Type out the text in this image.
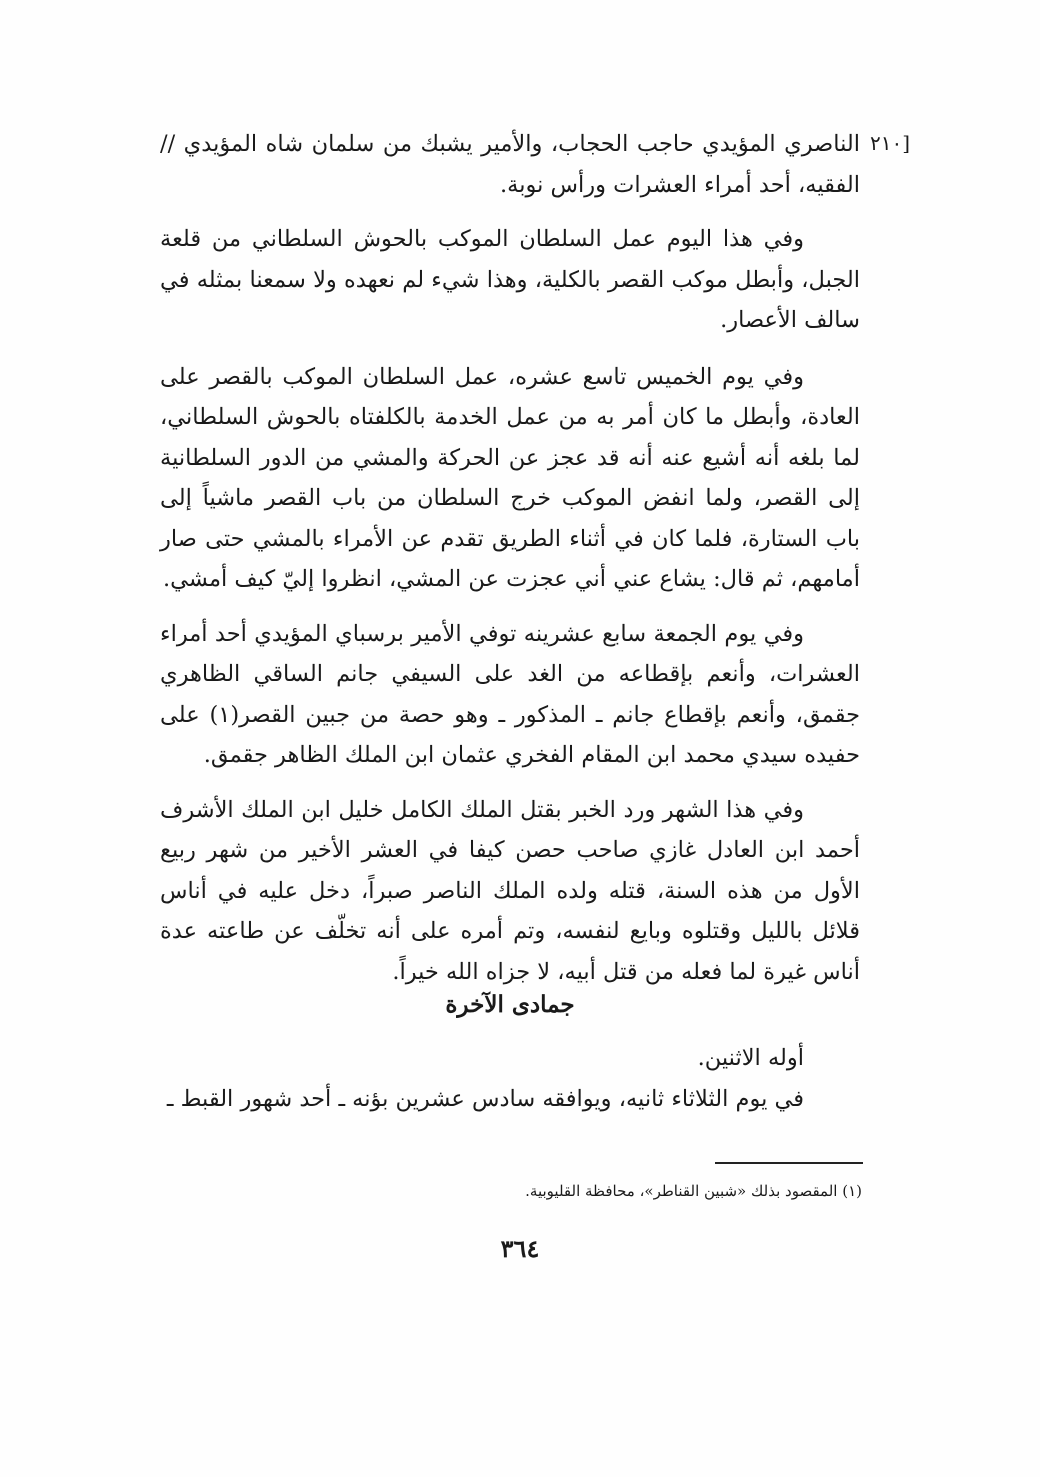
٢١٠]

الناصري المؤيدي حاجب الحجاب، والأمير يشبك من سلمان شاه المؤيدي // الفقيه، أحد أمراء العشرات ورأس نوبة.

وفي هذا اليوم عمل السلطان الموكب بالحوش السلطاني من قلعة الجبل، وأبطل موكب القصر بالكلية، وهذا شيء لم نعهده ولا سمعنا بمثله في سالف الأعصار.

وفي يوم الخميس تاسع عشره، عمل السلطان الموكب بالقصر على العادة، وأبطل ما كان أمر به من عمل الخدمة بالكلفتاه بالحوش السلطاني، لما بلغه أنه أشيع عنه أنه قد عجز عن الحركة والمشي من الدور السلطانية إلى القصر، ولما انفض الموكب خرج السلطان من باب القصر ماشياً إلى باب الستارة، فلما كان في أثناء الطريق تقدم عن الأمراء بالمشي حتى صار أمامهم، ثم قال: يشاع عني أني عجزت عن المشي، انظروا إليّ كيف أمشي.

وفي يوم الجمعة سابع عشرينه توفي الأمير برسباي المؤيدي أحد أمراء العشرات، وأنعم بإقطاعه من الغد على السيفي جانم الساقي الظاهري جقمق، وأنعم بإقطاع جانم ـ المذكور ـ وهو حصة من جبين القصر(١) على حفيده سيدي محمد ابن المقام الفخري عثمان ابن الملك الظاهر جقمق.

وفي هذا الشهر ورد الخبر بقتل الملك الكامل خليل ابن الملك الأشرف أحمد ابن العادل غازي صاحب حصن كيفا في العشر الأخير من شهر ربيع الأول من هذه السنة، قتله ولده الملك الناصر صبراً، دخل عليه في أناس قلائل بالليل وقتلوه وبايع لنفسه، وتم أمره على أنه تخلّف عن طاعته عدة أناس غيرة لما فعله من قتل أبيه، لا جزاه الله خيراً.

جمادى الآخرة

أوله الاثنين.

في يوم الثلاثاء ثانيه، ويوافقه سادس عشرين بؤنه ـ أحد شهور القبط ـ

(١) المقصود بذلك «شبين القناطر»، محافظة القليوبية.
٣٦٤
